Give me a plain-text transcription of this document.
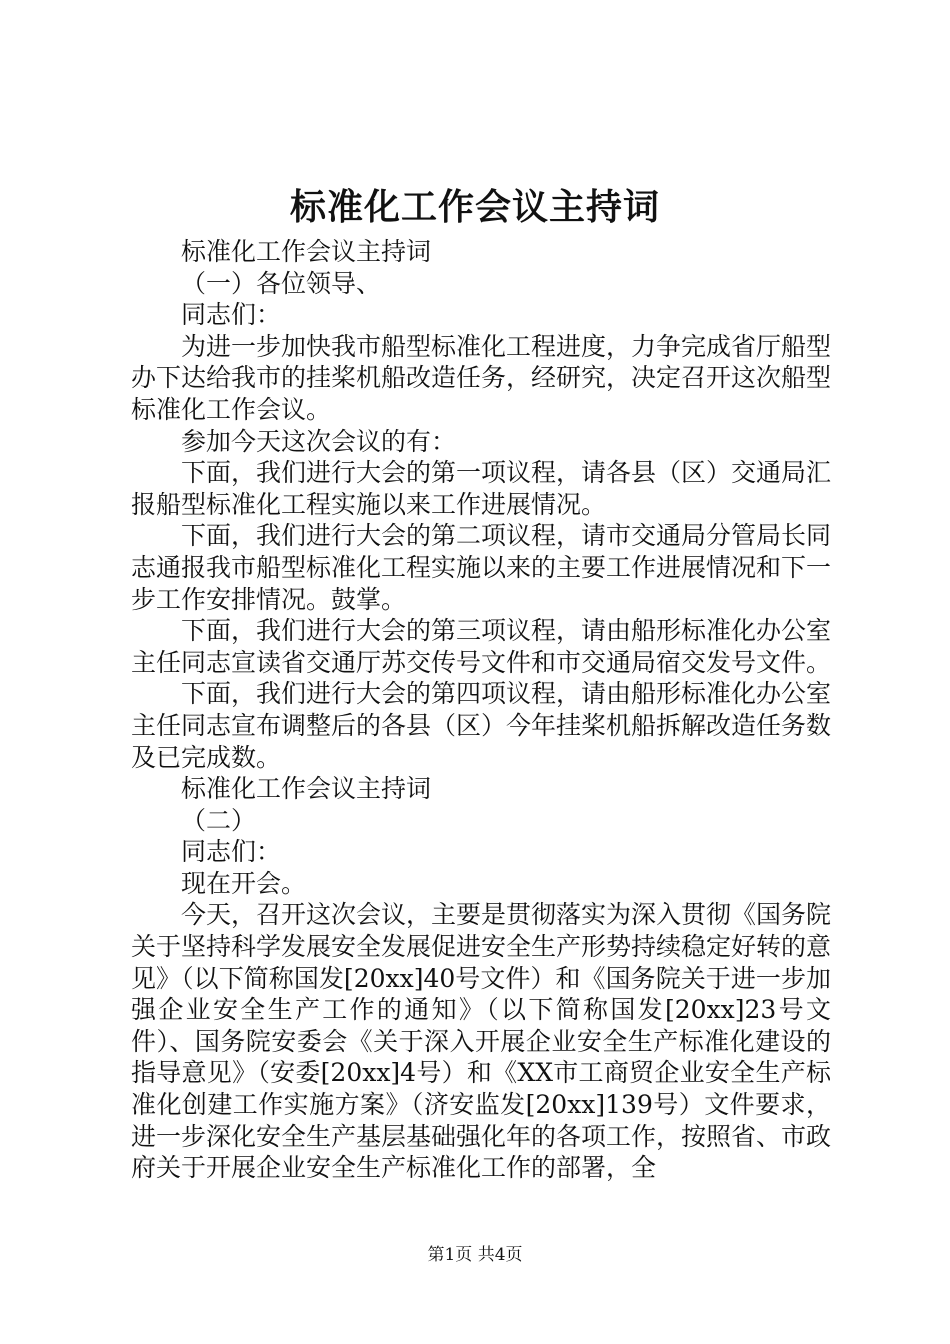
标准化工作会议主持词

标准化工作会议主持词

（一）各位领导、

同志们：

为进一步加快我市船型标准化工程进度，力争完成省厅船型办下达给我市的挂桨机船改造任务，经研究，决定召开这次船型标准化工作会议。

参加今天这次会议的有：

下面，我们进行大会的第一项议程，请各县（区）交通局汇报船型标准化工程实施以来工作进展情况。

下面，我们进行大会的第二项议程，请市交通局分管局长同志通报我市船型标准化工程实施以来的主要工作进展情况和下一步工作安排情况。鼓掌。

下面，我们进行大会的第三项议程，请由船形标准化办公室主任同志宣读省交通厅苏交传号文件和市交通局宿交发号文件。

下面，我们进行大会的第四项议程，请由船形标准化办公室主任同志宣布调整后的各县（区）今年挂桨机船拆解改造任务数及已完成数。

标准化工作会议主持词

（二）

同志们：

现在开会。

今天，召开这次会议，主要是贯彻落实为深入贯彻《国务院关于坚持科学发展安全发展促进安全生产形势持续稳定好转的意见》（以下简称国发[20xx]40号文件）和《国务院关于进一步加强企业安全生产工作的通知》（以下简称国发[20xx]23号文件）、国务院安委会《关于深入开展企业安全生产标准化建设的指导意见》（安委[20xx]4号）和《XX市工商贸企业安全生产标准化创建工作实施方案》（济安监发[20xx]139号）文件要求，进一步深化安全生产基层基础强化年的各项工作，按照省、市政府关于开展企业安全生产标准化工作的部署，全

第1页 共4页
